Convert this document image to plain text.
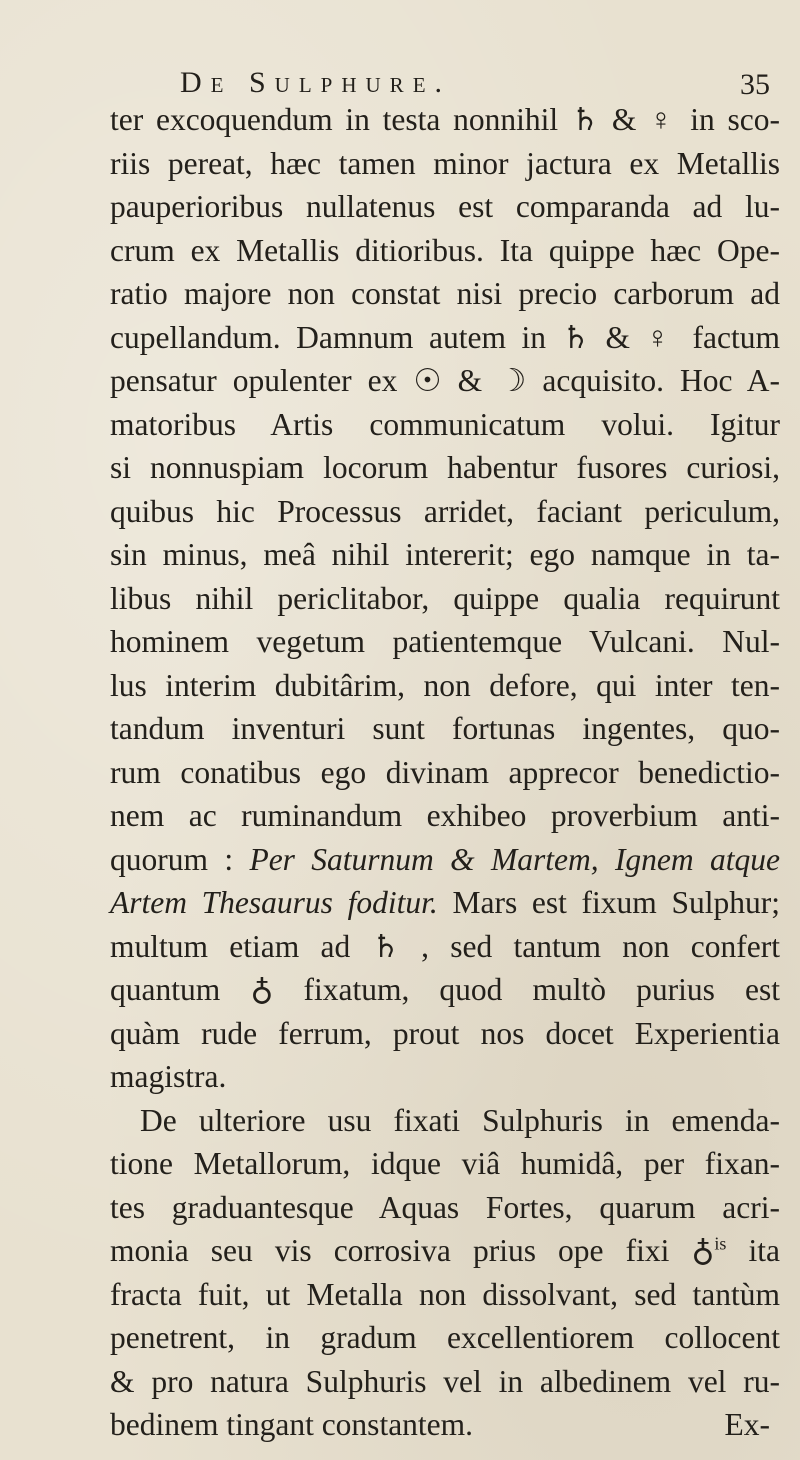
De Sulphure.	35
ter excoquendum in testa nonnihil ♄ & ♀ in sco-
riis pereat, hæc tamen minor jactura ex Metallis
pauperioribus nullatenus est comparanda ad lu-
crum ex Metallis ditioribus. Ita quippe hæc Ope-
ratio majore non constat nisi precio carborum ad
cupellandum. Damnum autem in ♄ & ♀ factum
pensatur opulenter ex ☉ & ☽ acquisito. Hoc A-
matoribus Artis communicatum volui. Igitur
si nonnuspiam locorum habentur fusores curiosi,
quibus hic Processus arridet, faciant periculum,
sin minus, meâ nihil intererit; ego namque in ta-
libus nihil periclitabor, quippe qualia requirunt
hominem vegetum patientemque Vulcani. Nul-
lus interim dubitârim, non defore, qui inter ten-
tandum inventuri sunt fortunas ingentes, quo-
rum conatibus ego divinam apprecor benedictio-
nem ac ruminandum exhibeo proverbium anti-
quorum : Per Saturnum & Martem, Ignem atque
Artem Thesaurus foditur. Mars est fixum Sulphur;
multum etiam ad ♄ , sed tantum non confert
quantum ♁ fixatum, quod multò purius est
quàm rude ferrum, prout nos docet Experientia
magistra.
De ulteriore usu fixati Sulphuris in emenda-
tione Metallorum, idque viâ humidâ, per fixan-
tes graduantesque Aquas Fortes, quarum acri-
monia seu vis corrosiva prius ope fixi ♁$^{is}$ ita
fracta fuit, ut Metalla non dissolvant, sed tantùm
penetrent, in gradum excellentiorem collocent
& pro natura Sulphuris vel in albedinem vel ru-
bedinem tingant constantem.	Ex-
